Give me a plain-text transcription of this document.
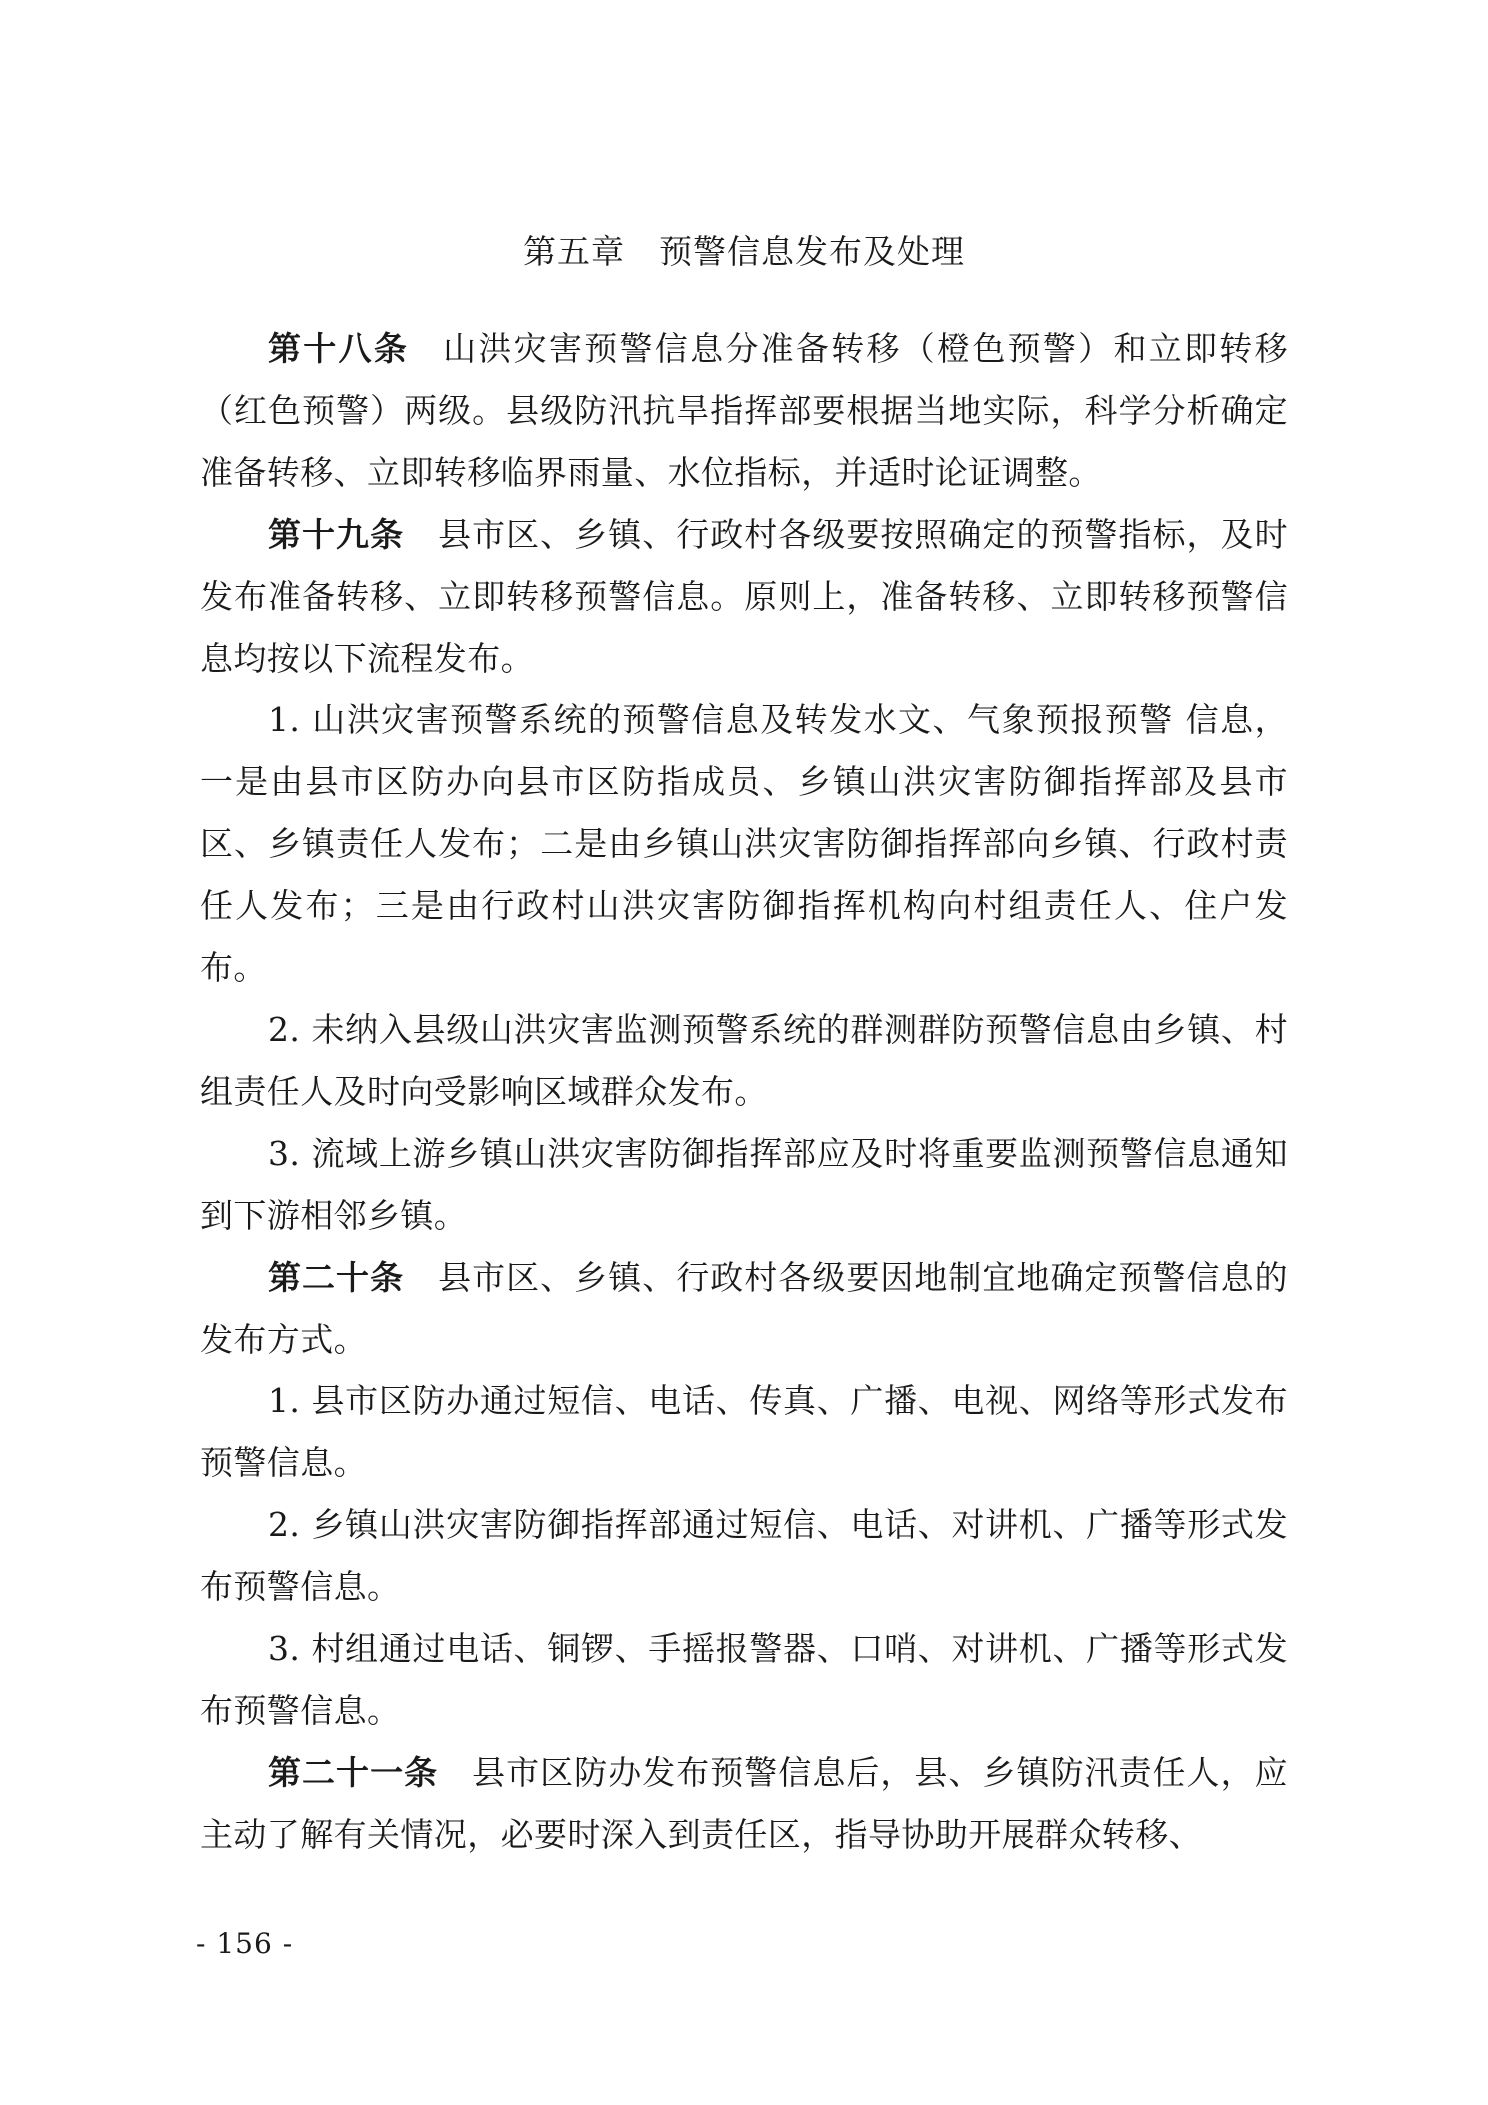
第五章 预警信息发布及处理

第十八条 山洪灾害预警信息分准备转移（橙色预警）和立即转移（红色预警）两级。县级防汛抗旱指挥部要根据当地实际，科学分析确定准备转移、立即转移临界雨量、水位指标，并适时论证调整。

第十九条 县市区、乡镇、行政村各级要按照确定的预警指标，及时发布准备转移、立即转移预警信息。原则上，准备转移、立即转移预警信息均按以下流程发布。

1. 山洪灾害预警系统的预警信息及转发水文、气象预报预警 信息，一是由县市区防办向县市区防指成员、乡镇山洪灾害防御指挥部及县市区、乡镇责任人发布；二是由乡镇山洪灾害防御指挥部向乡镇、行政村责任人发布；三是由行政村山洪灾害防御指挥机构向村组责任人、住户发布。

2. 未纳入县级山洪灾害监测预警系统的群测群防预警信息由乡镇、村组责任人及时向受影响区域群众发布。

3. 流域上游乡镇山洪灾害防御指挥部应及时将重要监测预警信息通知到下游相邻乡镇。

第二十条 县市区、乡镇、行政村各级要因地制宜地确定预警信息的发布方式。

1. 县市区防办通过短信、电话、传真、广播、电视、网络等形式发布预警信息。

2. 乡镇山洪灾害防御指挥部通过短信、电话、对讲机、广播等形式发布预警信息。

3. 村组通过电话、铜锣、手摇报警器、口哨、对讲机、广播等形式发布预警信息。

第二十一条 县市区防办发布预警信息后，县、乡镇防汛责任人，应主动了解有关情况，必要时深入到责任区，指导协助开展群众转移、

- 156 -
